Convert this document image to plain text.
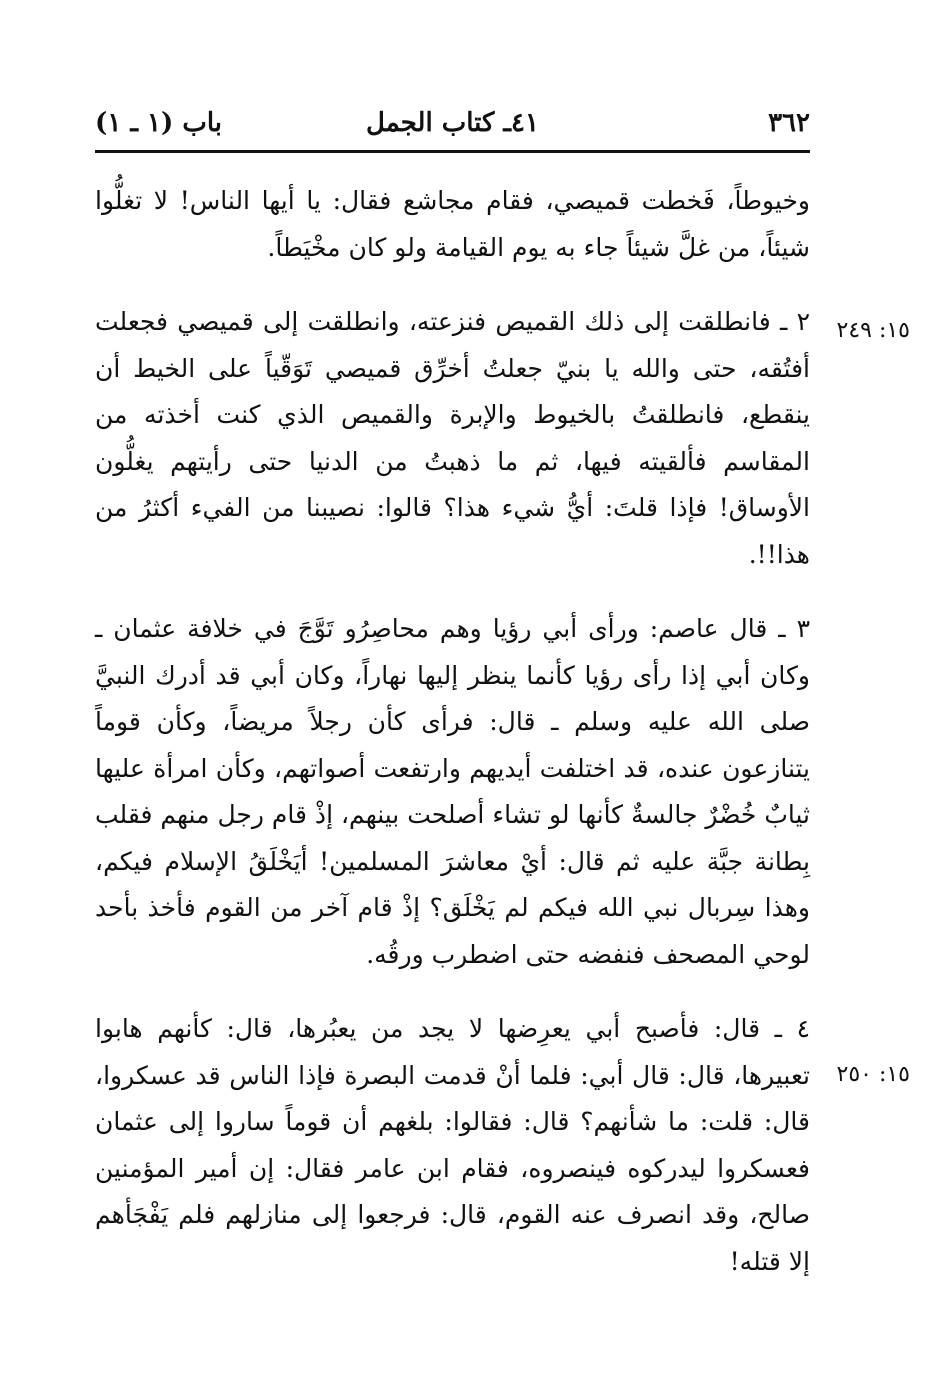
٣٦٢
٤١ـ كتاب الجمل
باب (١ ـ ١)
١٥: ٢٤٩
١٥: ٢٥٠

وخيوطاً، فَخطت قميصي، فقام مجاشع فقال: يا أيها الناس! لا تغلُّوا شيئاً، من غلَّ شيئاً جاء به يوم القيامة ولو كان مخْيَطاً.

٢ ـ فانطلقت إلى ذلك القميص فنزعته، وانطلقت إلى قميصي فجعلت أفتُقه، حتى والله يا بنيّ جعلتُ أخرِّق قميصي تَوَقّياً على الخيط أن ينقطع، فانطلقتُ بالخيوط والإبرة والقميص الذي كنت أخذته من المقاسم فألقيته فيها، ثم ما ذهبتُ من الدنيا حتى رأيتهم يغلُّون الأوساق! فإذا قلتَ: أيُّ شيء هذا؟ قالوا: نصيبنا من الفيء أكثرُ من هذا!!.

٣ ـ قال عاصم: ورأى أبي رؤيا وهم محاصِرُو تَوَّجَ في خلافة عثمان ـ وكان أبي إذا رأى رؤيا كأنما ينظر إليها نهاراً، وكان أبي قد أدرك النبيَّ صلى الله عليه وسلم ـ قال: فرأى كأن رجلاً مريضاً، وكأن قوماً يتنازعون عنده، قد اختلفت أيديهم وارتفعت أصواتهم، وكأن امرأة عليها ثيابٌ خُضْرٌ جالسةٌ كأنها لو تشاء أصلحت بينهم، إذْ قام رجل منهم فقلب بِطانة جبَّة عليه ثم قال: أيْ معاشرَ المسلمين! أيَخْلَقُ الإسلام فيكم، وهذا سِربال نبي الله فيكم لم يَخْلَق؟ إذْ قام آخر من القوم فأخذ بأحد لوحي المصحف فنفضه حتى اضطرب ورقُه.

٤ ـ قال: فأصبح أبي يعرِضها لا يجد من يعبُرها، قال: كأنهم هابوا تعبيرها، قال: قال أبي: فلما أنْ قدمت البصرة فإذا الناس قد عسكروا، قال: قلت: ما شأنهم؟ قال: فقالوا: بلغهم أن قوماً ساروا إلى عثمان فعسكروا ليدركوه فينصروه، فقام ابن عامر فقال: إن أمير المؤمنين صالح، وقد انصرف عنه القوم، قال: فرجعوا إلى منازلهم فلم يَفْجَأهم إلا قتله!
